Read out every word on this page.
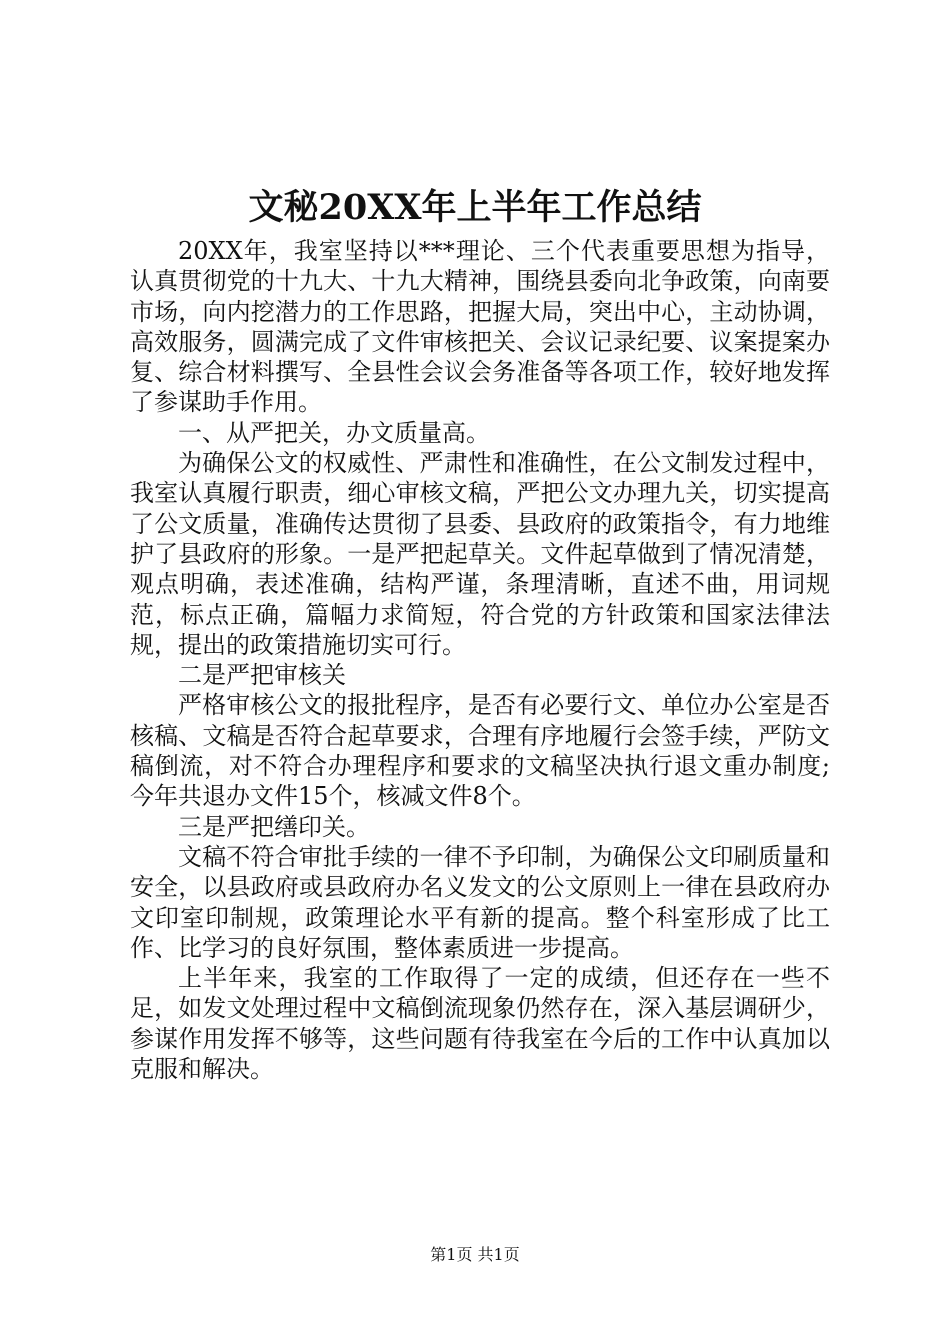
文秘20XX年上半年工作总结

20XX年，我室坚持以***理论、三个代表重要思想为指导，认真贯彻党的十九大、十九大精神，围绕县委向北争政策，向南要市场，向内挖潜力的工作思路，把握大局，突出中心，主动协调，高效服务，圆满完成了文件审核把关、会议记录纪要、议案提案办复、综合材料撰写、全县性会议会务准备等各项工作，较好地发挥了参谋助手作用。

一、从严把关，办文质量高。

为确保公文的权威性、严肃性和准确性，在公文制发过程中，我室认真履行职责，细心审核文稿，严把公文办理九关，切实提高了公文质量，准确传达贯彻了县委、县政府的政策指令，有力地维护了县政府的形象。一是严把起草关。文件起草做到了情况清楚，观点明确，表述准确，结构严谨，条理清晰，直述不曲，用词规范，标点正确，篇幅力求简短，符合党的方针政策和国家法律法规，提出的政策措施切实可行。

二是严把审核关

严格审核公文的报批程序，是否有必要行文、单位办公室是否核稿、文稿是否符合起草要求，合理有序地履行会签手续，严防文稿倒流，对不符合办理程序和要求的文稿坚决执行退文重办制度;今年共退办文件15个，核减文件8个。

三是严把缮印关。

文稿不符合审批手续的一律不予印制，为确保公文印刷质量和安全，以县政府或县政府办名义发文的公文原则上一律在县政府办文印室印制规，政策理论水平有新的提高。整个科室形成了比工作、比学习的良好氛围，整体素质进一步提高。

上半年来，我室的工作取得了一定的成绩，但还存在一些不足，如发文处理过程中文稿倒流现象仍然存在，深入基层调研少，参谋作用发挥不够等，这些问题有待我室在今后的工作中认真加以克服和解决。

第1页 共1页
